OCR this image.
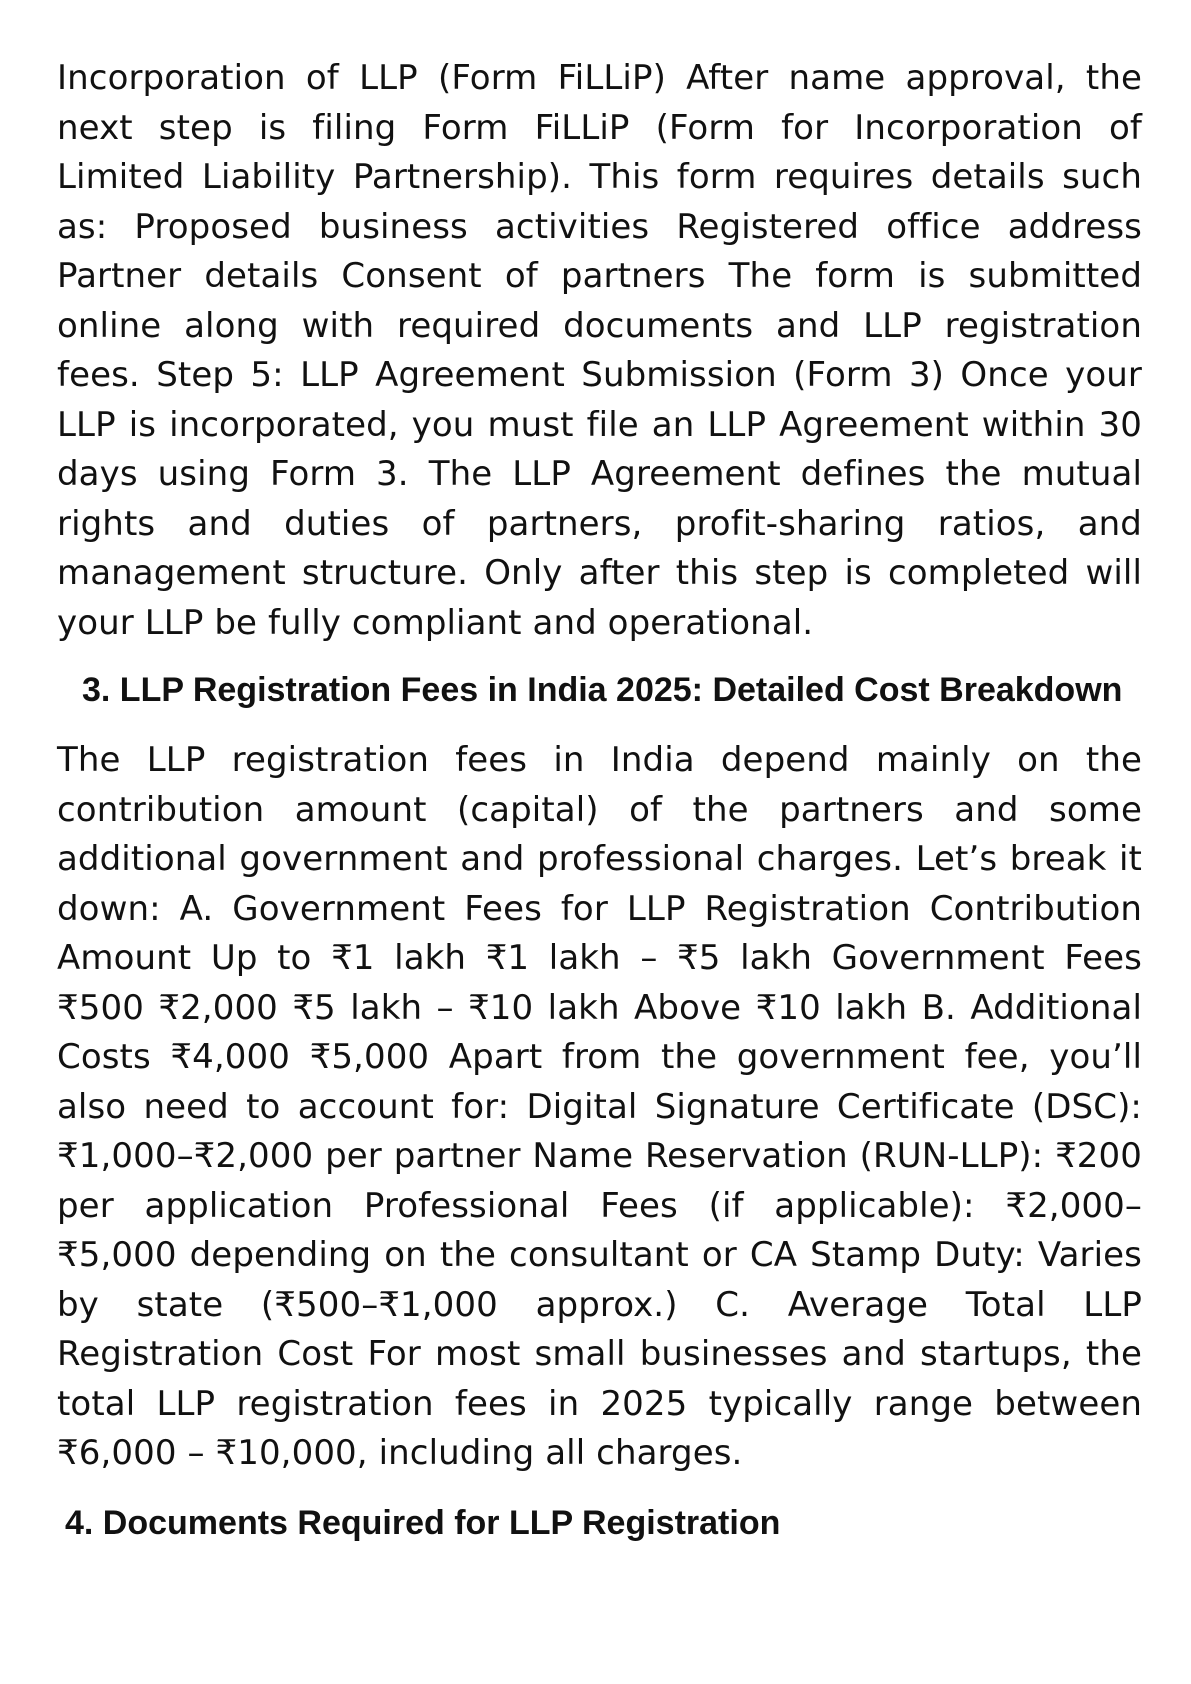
Incorporation of LLP (Form FiLLiP) After name approval, the next step is filing Form FiLLiP (Form for Incorporation of Limited Liability Partnership). This form requires details such as: Proposed business activities Registered office address Partner details Consent of partners The form is submitted online along with required documents and LLP registration fees. Step 5: LLP Agreement Submission (Form 3) Once your LLP is incorporated, you must file an LLP Agreement within 30 days using Form 3. The LLP Agreement defines the mutual rights and duties of partners, profit-sharing ratios, and management structure. Only after this step is completed will your LLP be fully compliant and operational.

3. LLP Registration Fees in India 2025: Detailed Cost Breakdown

The LLP registration fees in India depend mainly on the contribution amount (capital) of the partners and some additional government and professional charges. Let’s break it down: A. Government Fees for LLP Registration Contribution Amount Up to ₹1 lakh ₹1 lakh – ₹5 lakh Government Fees ₹500 ₹2,000 ₹5 lakh – ₹10 lakh Above ₹10 lakh B. Additional Costs ₹4,000 ₹5,000 Apart from the government fee, you’ll also need to account for: Digital Signature Certificate (DSC): ₹1,000–₹2,000 per partner Name Reservation (RUN-LLP): ₹200 per application Professional Fees (if applicable): ₹2,000–₹5,000 depending on the consultant or CA Stamp Duty: Varies by state (₹500–₹1,000 approx.) C. Average Total LLP Registration Cost For most small businesses and startups, the total LLP registration fees in 2025 typically range between ₹6,000 – ₹10,000, including all charges.

4. Documents Required for LLP Registration
